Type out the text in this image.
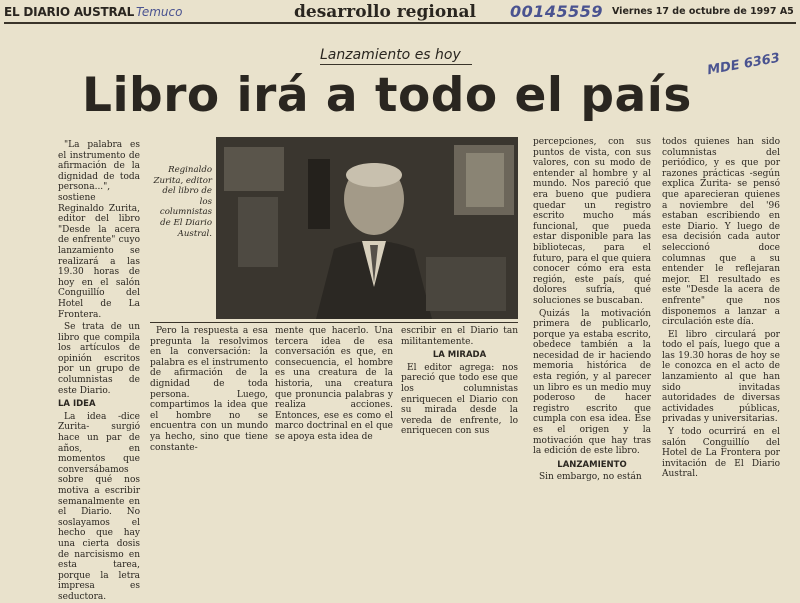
EL DIARIO AUSTRAL Temuco	desarrollo regional 00145559 Viernes 17 de octubre de 1997 A5
MDE 6363
Lanzamiento es hoy
Libro irá a todo el país

"La palabra es el instrumento de afirmación de la dignidad de toda persona...", sostiene Reginaldo Zurita, editor del libro "Desde la acera de enfrente" cuyo lanzamiento se realizará a las 19.30 horas de hoy en el salón Conguillío del Hotel de La Frontera.

Se trata de un libro que compila los artículos de opinión escritos por un grupo de columnistas de este Diario.

LA IDEA

La idea -dice Zurita- surgió hace un par de años, en momentos que conversábamos sobre qué nos motiva a escribir semanalmente en el Diario. No soslayamos el hecho que hay una cierta dosis de narcisismo en esta tarea, porque la letra impresa es seductora.

Reginaldo Zurita, editor del libro de los columnistas de El Diario Austral.

Pero la respuesta a esa pregunta la resolvimos en la conversación: la palabra es el instrumento de afirmación de la dignidad de toda persona. Luego, compartimos la idea que el hombre no se encuentra con un mundo ya hecho, sino que tiene constante-

mente que hacerlo. Una tercera idea de esa conversación es que, en consecuencia, el hombre es una creatura de la historia, una creatura que pronuncia palabras y realiza acciones. Entonces, ese es como el marco doctrinal en el que se apoya esta idea de

escribir en el Diario tan militantemente.

LA MIRADA

El editor agrega: nos pareció que todo ese que los columnistas enriquecen el Diario con su mirada desde la vereda de enfrente, lo enriquecen con sus

percepciones, con sus puntos de vista, con sus valores, con su modo de entender al hombre y al mundo. Nos pareció que era bueno que pudiera quedar un registro escrito mucho más funcional, que pueda estar disponible para las bibliotecas, para el futuro, para el que quiera conocer cómo era esta región, este país, qué dolores sufría, qué soluciones se buscaban.

Quizás la motivación primera de publicarlo, porque ya estaba escrito, obedece también a la necesidad de ir haciendo memoria histórica de esta región, y al parecer un libro es un medio muy poderoso de hacer registro escrito que cumpla con esa idea. Ese es el origen y la motivación que hay tras la edición de este libro.

LANZAMIENTO

Sin embargo, no están

todos quienes han sido columnistas del periódico, y es que por razones prácticas -según explica Zurita- se pensó que aparecieran quienes a noviembre del '96 estaban escribiendo en este Diario. Y luego de esa decisión cada autor seleccionó doce columnas que a su entender le reflejaran mejor. El resultado es este "Desde la acera de enfrente" que nos disponemos a lanzar a circulación este día.

El libro circulará por todo el país, luego que a las 19.30 horas de hoy se le conozca en el acto de lanzamiento al que han sido invitadas autoridades de diversas actividades públicas, privadas y universitarias.

Y todo ocurrirá en el salón Conguillío del Hotel de La Frontera por invitación de El Diario Austral.
